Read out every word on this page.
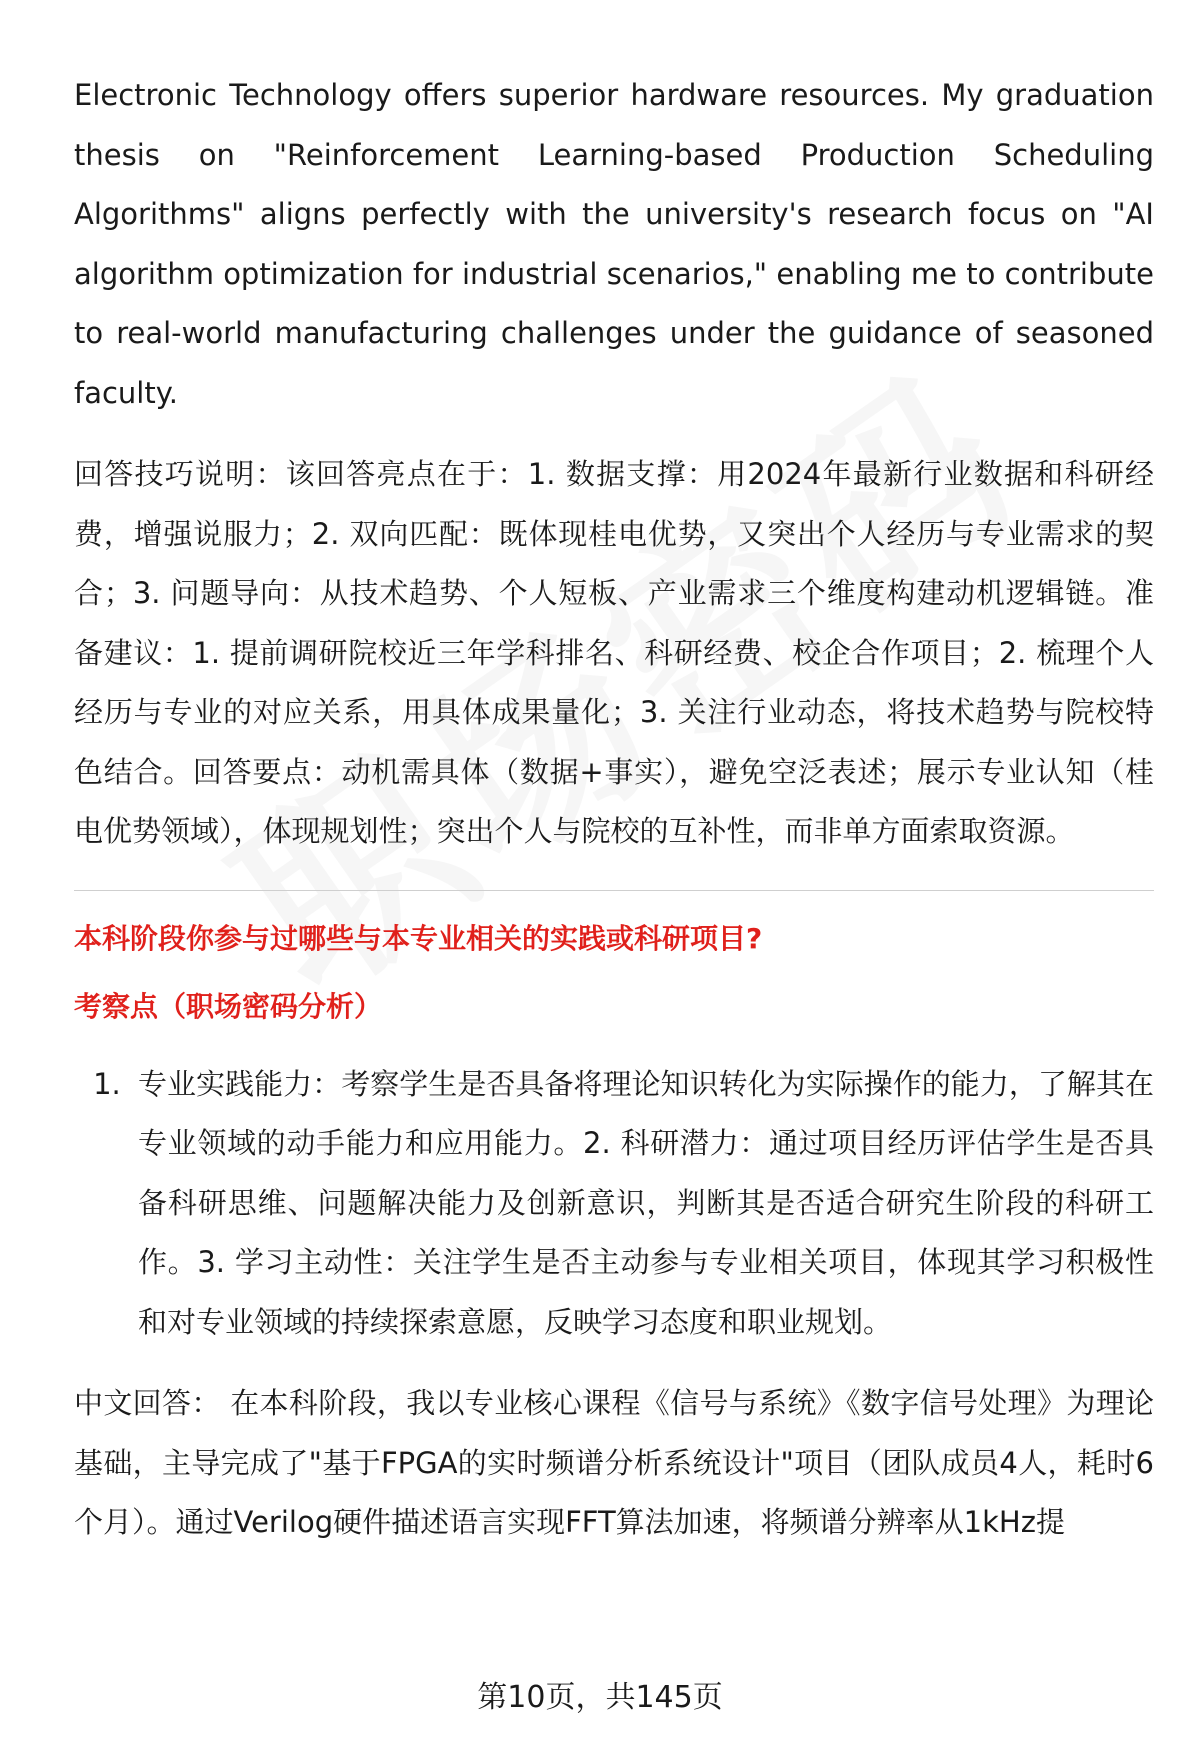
Electronic Technology offers superior hardware resources. My graduation thesis on "Reinforcement Learning-based Production Scheduling Algorithms" aligns perfectly with the university's research focus on "AI algorithm optimization for industrial scenarios," enabling me to contribute to real-world manufacturing challenges under the guidance of seasoned faculty.

回答技巧说明：该回答亮点在于：1. 数据支撑：用2024年最新行业数据和科研经费，增强说服力；2. 双向匹配：既体现桂电优势，又突出个人经历与专业需求的契合；3. 问题导向：从技术趋势、个人短板、产业需求三个维度构建动机逻辑链。准备建议：1. 提前调研院校近三年学科排名、科研经费、校企合作项目；2. 梳理个人经历与专业的对应关系，用具体成果量化；3. 关注行业动态，将技术趋势与院校特色结合。回答要点：动机需具体（数据+事实），避免空泛表述；展示专业认知（桂电优势领域），体现规划性；突出个人与院校的互补性，而非单方面索取资源。

本科阶段你参与过哪些与本专业相关的实践或科研项目?

考察点（职场密码分析）

1. 专业实践能力：考察学生是否具备将理论知识转化为实际操作的能力，了解其在专业领域的动手能力和应用能力。2. 科研潜力：通过项目经历评估学生是否具备科研思维、问题解决能力及创新意识，判断其是否适合研究生阶段的科研工作。3. 学习主动性：关注学生是否主动参与专业相关项目，体现其学习积极性和对专业领域的持续探索意愿，反映学习态度和职业规划。

中文回答： 在本科阶段，我以专业核心课程《信号与系统》《数字信号处理》为理论基础，主导完成了"基于FPGA的实时频谱分析系统设计"项目（团队成员4人，耗时6个月）。通过Verilog硬件描述语言实现FFT算法加速，将频谱分辨率从1kHz提

第10页，共145页
